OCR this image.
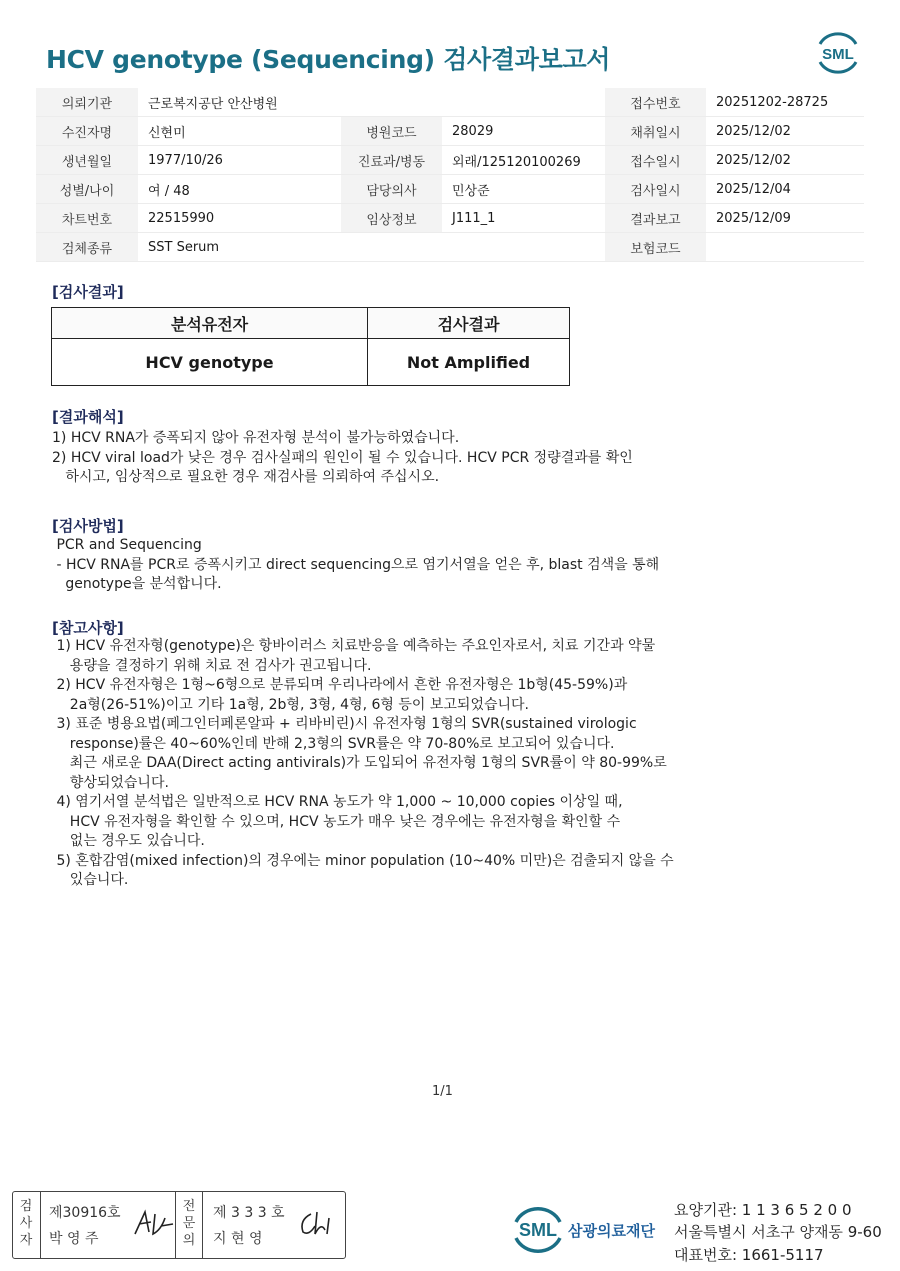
HCV genotype (Sequencing) 검사결과보고서	SML
의뢰기관	근로복지공단 안산병원			접수번호	20251202-28725
수진자명	신현미	병원코드	28029	채취일시	2025/12/02
생년월일	1977/10/26	진료과/병동	외래/125120100269	접수일시	2025/12/02
성별/나이	여 / 48	담당의사	민상준	검사일시	2025/12/04
차트번호	22515990	임상정보	J111_1	결과보고	2025/12/09
검체종류	SST Serum			보험코드	
[검사결과]
분석유전자	검사결과
HCV genotype	Not Amplified
[결과해석]
1) HCV RNA가 증폭되지 않아 유전자형 분석이 불가능하였습니다.
2) HCV viral load가 낮은 경우 검사실패의 원인이 될 수 있습니다. HCV PCR 정량결과를 확인
하시고, 임상적으로 필요한 경우 재검사를 의뢰하여 주십시오.
[검사방법]
PCR and Sequencing
- HCV RNA를 PCR로 증폭시키고 direct sequencing으로 염기서열을 얻은 후, blast 검색을 통해
genotype을 분석합니다.
[참고사항]
1) HCV 유전자형(genotype)은 항바이러스 치료반응을 예측하는 주요인자로서, 치료 기간과 약물
용량을 결정하기 위해 치료 전 검사가 권고됩니다.
2) HCV 유전자형은 1형~6형으로 분류되며 우리나라에서 흔한 유전자형은 1b형(45-59%)과
2a형(26-51%)이고 기타 1a형, 2b형, 3형, 4형, 6형 등이 보고되었습니다.
3) 표준 병용요법(페그인터페론알파 + 리바비린)시 유전자형 1형의 SVR(sustained virologic
response)률은 40~60%인데 반해 2,3형의 SVR률은 약 70-80%로 보고되어 있습니다.
최근 새로운 DAA(Direct acting antivirals)가 도입되어 유전자형 1형의 SVR률이 약 80-99%로
향상되었습니다.
4) 염기서열 분석법은 일반적으로 HCV RNA 농도가 약 1,000 ~ 10,000 copies 이상일 때,
HCV 유전자형을 확인할 수 있으며, HCV 농도가 매우 낮은 경우에는 유전자형을 확인할 수
없는 경우도 있습니다.
5) 혼합감염(mixed infection)의 경우에는 minor population (10~40% 미만)은 검출되지 않을 수
있습니다.
1/1
검
사
자
제30916호
박 영 주
전
문
의
제 3 3 3 호
지 현 영	SML 삼광의료재단
요양기관: 1 1 3 6 5 2 0 0
서울특별시 서초구 양재동 9-60
대표번호: 1661-5117
